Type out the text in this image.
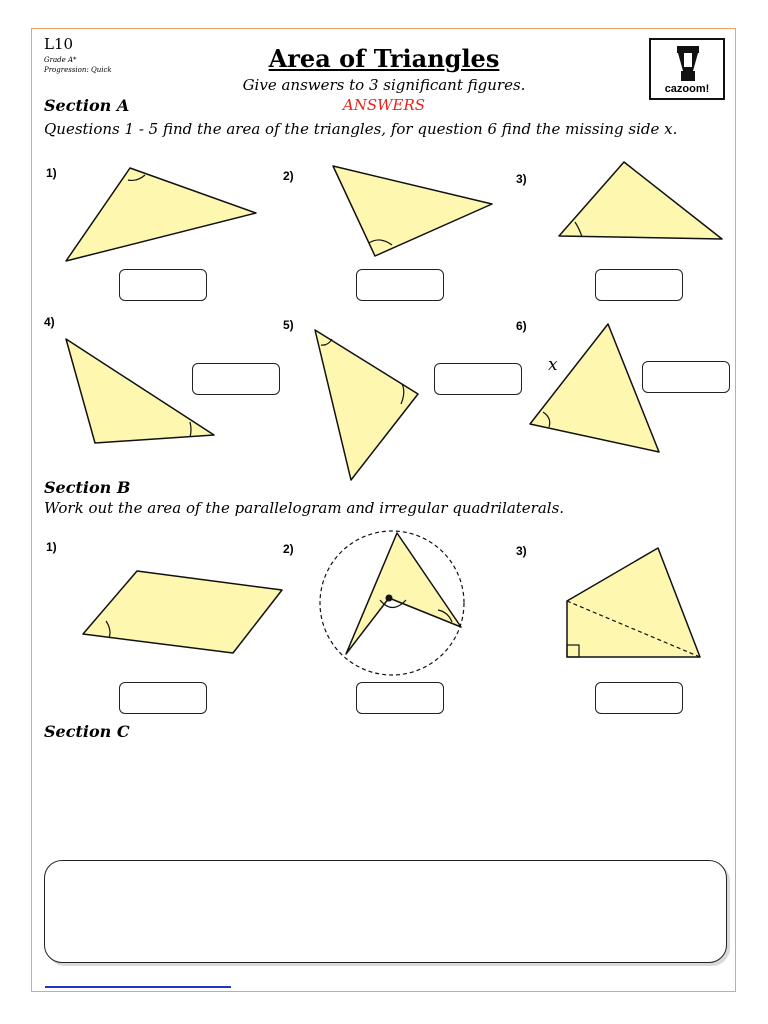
L10
Grade A*
Progression: Quick	Area of Triangles
Give answers to 3 significant figures.
ANSWERS
cazoom!
Section A
Questions 1 - 5 find the area of the triangles, for question 6 find the missing side x.
1)	2)	3)
4)	5)	6)
x
Section B
Work out the area of the parallelogram and irregular quadrilaterals.
1)	2)	3)
Section C
